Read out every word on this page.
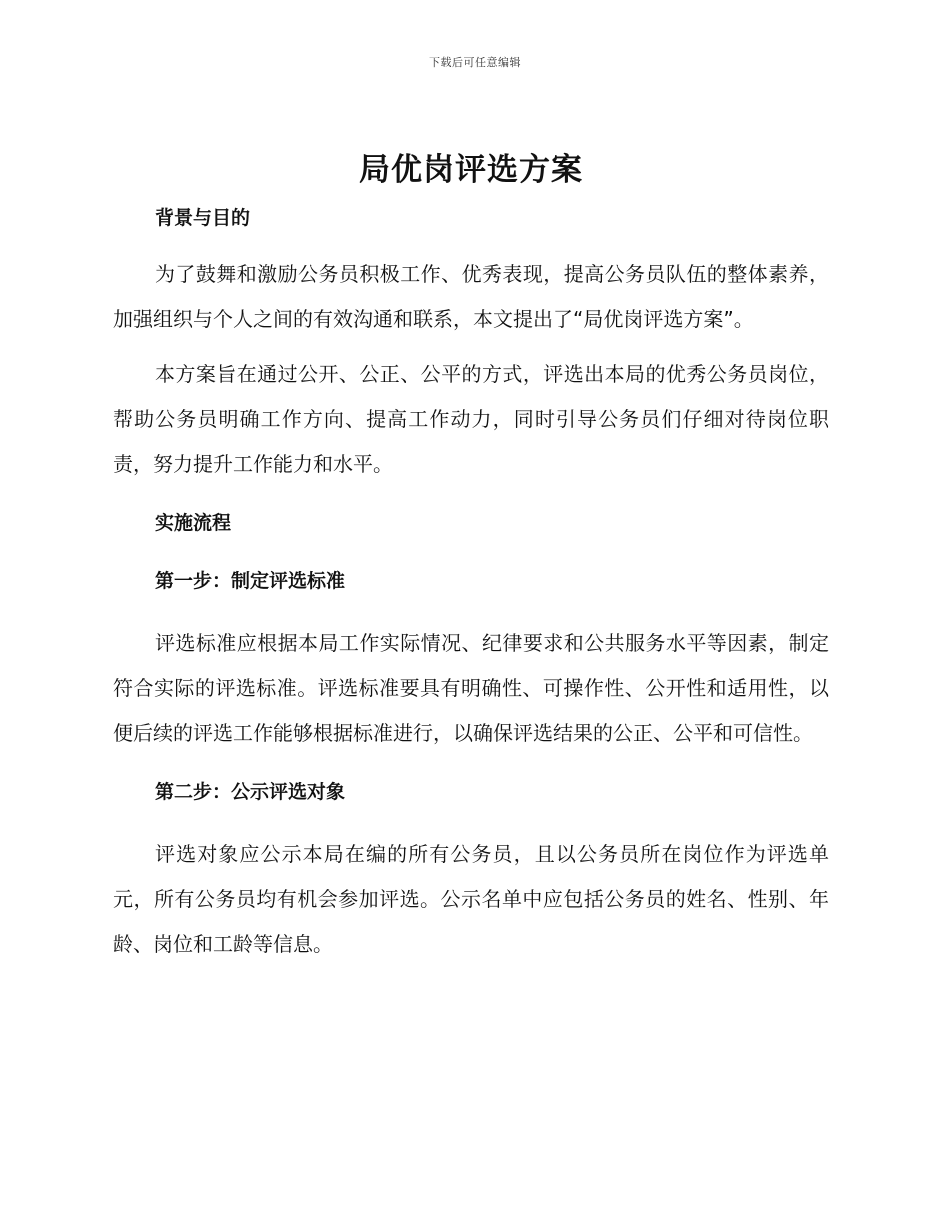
下载后可任意编辑
局优岗评选方案
背景与目的

为了鼓舞和激励公务员积极工作、优秀表现，提高公务员队伍的整体素养，加强组织与个人之间的有效沟通和联系，本文提出了“局优岗评选方案”。

本方案旨在通过公开、公正、公平的方式，评选出本局的优秀公务员岗位，帮助公务员明确工作方向、提高工作动力，同时引导公务员们仔细对待岗位职责，努力提升工作能力和水平。

实施流程
第一步：制定评选标准

评选标准应根据本局工作实际情况、纪律要求和公共服务水平等因素，制定符合实际的评选标准。评选标准要具有明确性、可操作性、公开性和适用性，以便后续的评选工作能够根据标准进行，以确保评选结果的公正、公平和可信性。

第二步：公示评选对象

评选对象应公示本局在编的所有公务员，且以公务员所在岗位作为评选单元，所有公务员均有机会参加评选。公示名单中应包括公务员的姓名、性别、年龄、岗位和工龄等信息。
